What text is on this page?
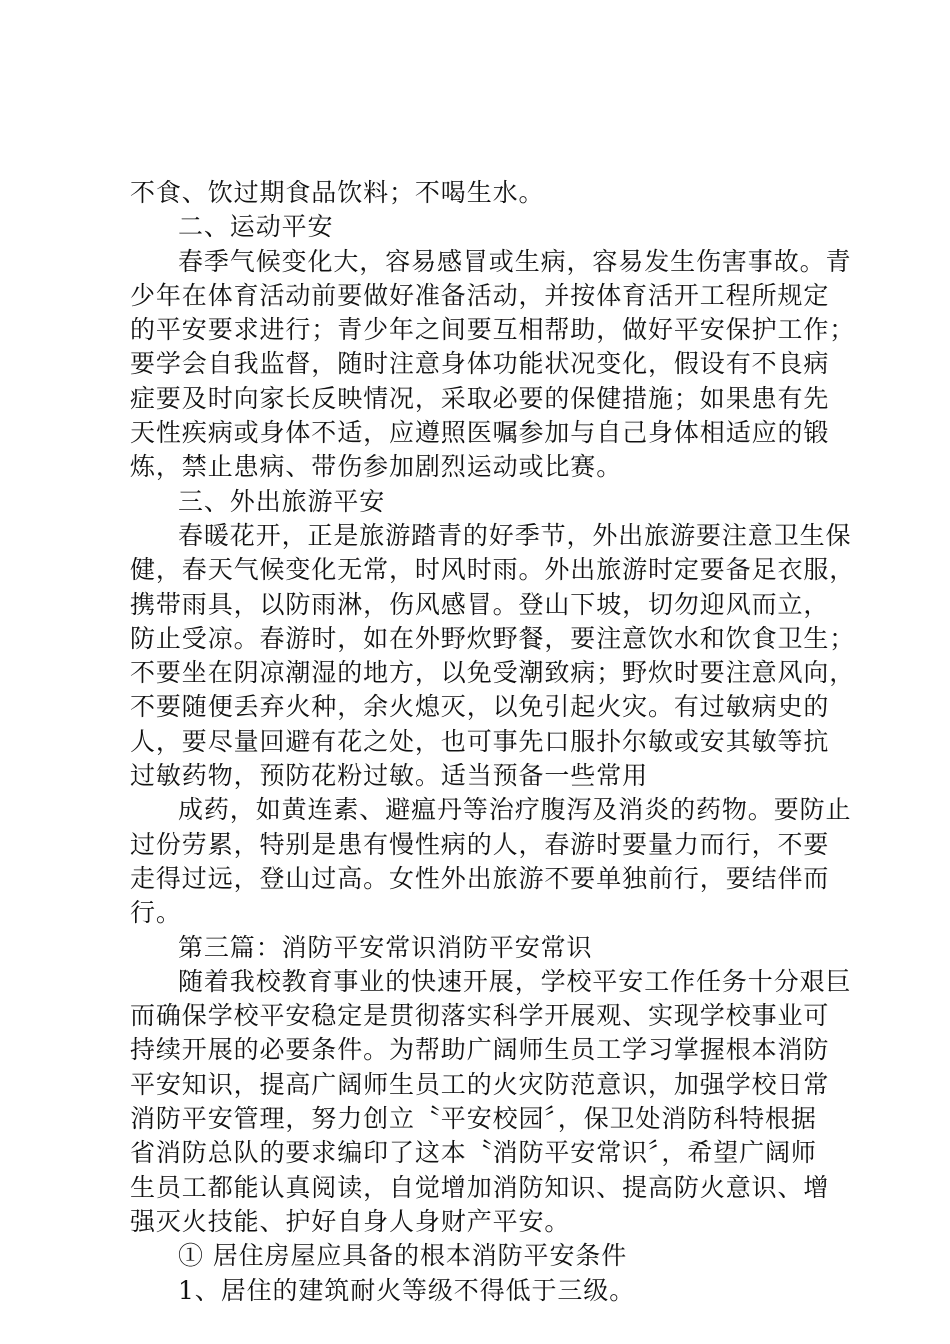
不食、饮过期食品饮料；不喝生水。
二、运动平安
春季气候变化大，容易感冒或生病，容易发生伤害事故。青
少年在体育活动前要做好准备活动，并按体育活开工程所规定
的平安要求进行；青少年之间要互相帮助，做好平安保护工作；
要学会自我监督，随时注意身体功能状况变化，假设有不良病
症要及时向家长反映情况，采取必要的保健措施；如果患有先
天性疾病或身体不适，应遵照医嘱参加与自己身体相适应的锻
炼，禁止患病、带伤参加剧烈运动或比赛。
三、外出旅游平安
春暖花开，正是旅游踏青的好季节，外出旅游要注意卫生保
健，春天气候变化无常，时风时雨。外出旅游时定要备足衣服，
携带雨具，以防雨淋，伤风感冒。登山下坡，切勿迎风而立，
防止受凉。春游时，如在外野炊野餐，要注意饮水和饮食卫生；
不要坐在阴凉潮湿的地方，以免受潮致病；野炊时要注意风向，
不要随便丢弃火种，余火熄灭，以免引起火灾。有过敏病史的
人，要尽量回避有花之处，也可事先口服扑尔敏或安其敏等抗
过敏药物，预防花粉过敏。适当预备一些常用
成药，如黄连素、避瘟丹等治疗腹泻及消炎的药物。要防止
过份劳累，特别是患有慢性病的人，春游时要量力而行，不要
走得过远，登山过高。女性外出旅游不要单独前行，要结伴而
行。
第三篇：消防平安常识消防平安常识
随着我校教育事业的快速开展，学校平安工作任务十分艰巨
而确保学校平安稳定是贯彻落实科学开展观、实现学校事业可
持续开展的必要条件。为帮助广阔师生员工学习掌握根本消防
平安知识，提高广阔师生员工的火灾防范意识，加强学校日常
消防平安管理，努力创立〝平安校园〞，保卫处消防科特根据
省消防总队的要求编印了这本〝消防平安常识〞，希望广阔师
生员工都能认真阅读，自觉增加消防知识、提高防火意识、增
强灭火技能、护好自身人身财产平安。
① 居住房屋应具备的根本消防平安条件
1、居住的建筑耐火等级不得低于三级。
